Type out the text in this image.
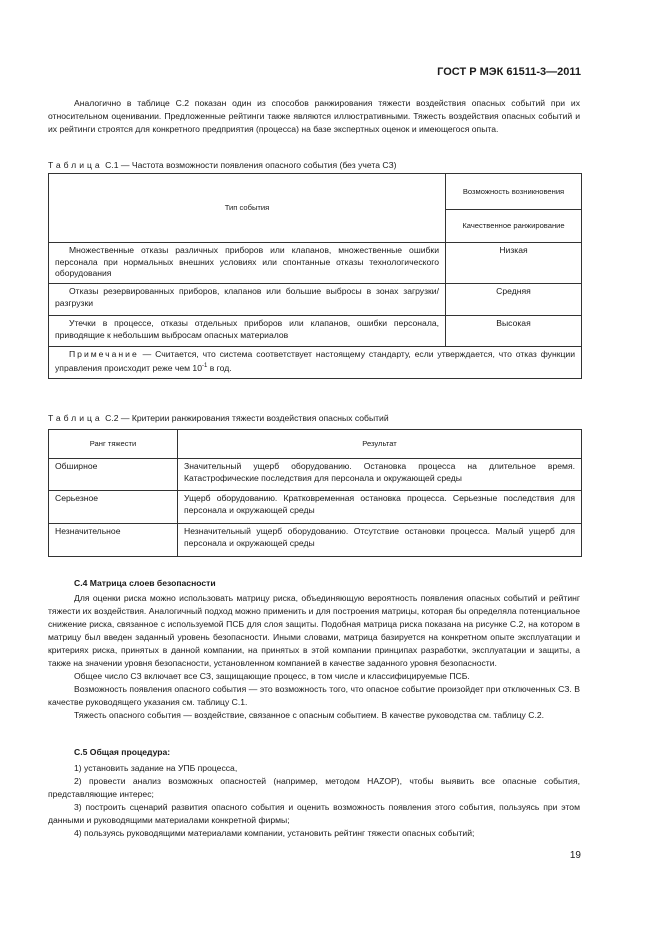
ГОСТ Р МЭК 61511-3—2011

Аналогично в таблице С.2 показан один из способов ранжирования тяжести воздействия опасных событий при их относительном оценивании. Предложенные рейтинги также являются иллюстративными. Тяжесть воздействия опасных событий и их рейтинги строятся для конкретного предприятия (процесса) на базе экспертных оценок и имеющегося опыта.

Таблица С.1 — Частота возможности появления опасного события (без учета СЗ)
Тип события	Возможность возникновения
	Качественное ранжирование
Множественные отказы различных приборов или клапанов, множественные ошибки персонала при нормальных внешних условиях или спонтанные отказы технологического оборудования	Низкая
Отказы резервированных приборов, клапанов или большие выбросы в зонах загрузки/разгрузки	Средняя
Утечки в процессе, отказы отдельных приборов или клапанов, ошибки персонала, приводящие к небольшим выбросам опасных материалов	Высокая
Примечание — Считается, что система соответствует настоящему стандарту, если утверждается, что отказ функции управления происходит реже чем $10^{-1}$ в год.	
Таблица С.2 — Критерии ранжирования тяжести воздействия опасных событий
Ранг тяжести	Результат
Обширное	Значительный ущерб оборудованию. Остановка процесса на длительное время. Катастрофические последствия для персонала и окружающей среды
Серьезное	Ущерб оборудованию. Кратковременная остановка процесса. Серьезные последствия для персонала и окружающей среды
Незначительное	Незначительный ущерб оборудованию. Отсутствие остановки процесса. Малый ущерб для персонала и окружающей среды
С.4 Матрица слоев безопасности

Для оценки риска можно использовать матрицу риска, объединяющую вероятность появления опасных событий и рейтинг тяжести их воздействия. Аналогичный подход можно применить и для построения матрицы, которая бы определяла потенциальное снижение риска, связанное с используемой ПСБ для слоя защиты. Подобная матрица риска показана на рисунке С.2, на котором в матрицу был введен заданный уровень безопасности. Иными словами, матрица базируется на конкретном опыте эксплуатации и критериях риска, принятых в данной компании, на принятых в этой компании принципах разработки, эксплуатации и защиты, а также на значении уровня безопасности, установленном компанией в качестве заданного уровня безопасности.

Общее число СЗ включает все СЗ, защищающие процесс, в том числе и классифицируемые ПСБ.

Возможность появления опасного события — это возможность того, что опасное событие произойдет при отключенных СЗ. В качестве руководящего указания см. таблицу С.1.

Тяжесть опасного события — воздействие, связанное с опасным событием. В качестве руководства см. таблицу С.2.

С.5 Общая процедура:

1) установить задание на УПБ процесса,

2) провести анализ возможных опасностей (например, методом HAZOP), чтобы выявить все опасные события, представляющие интерес;

3) построить сценарий развития опасного события и оценить возможность появления этого события, пользуясь при этом данными и руководящими материалами конкретной фирмы;

4) пользуясь руководящими материалами компании, установить рейтинг тяжести опасных событий;

19
